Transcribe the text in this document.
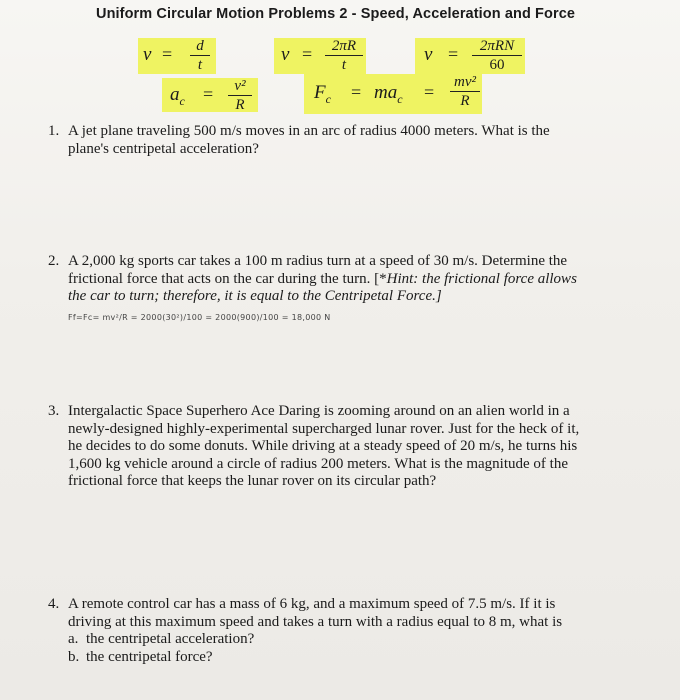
Uniform Circular Motion Problems 2 - Speed, Acceleration and Force
v =	d
t	v =	2πR
t	v =	2πRN
60
$a_c$ =	v²
R
$F_c = ma_c = mv^2$
R
1. A jet plane traveling 500 m/s moves in an arc of radius 4000 meters. What is the
plane's centripetal acceleration?
2. A 2,000 kg sports car takes a 100 m radius turn at a speed of 30 m/s. Determine the
frictional force that acts on the car during the turn. [*Hint: the frictional force allows
the car to turn; therefore, it is equal to the Centripetal Force.]
Ff=Fc= mv²/R = 2000(30²)/100 = 2000(900)/100 = 18,000 N
3. Intergalactic Space Superhero Ace Daring is zooming around on an alien world in a
newly-designed highly-experimental supercharged lunar rover. Just for the heck of it,
he decides to do some donuts. While driving at a steady speed of 20 m/s, he turns his
1,600 kg vehicle around a circle of radius 200 meters. What is the magnitude of the
frictional force that keeps the lunar rover on its circular path?
4. A remote control car has a mass of 6 kg, and a maximum speed of 7.5 m/s. If it is
driving at this maximum speed and takes a turn with a radius equal to 8 m, what is
a. the centripetal acceleration?
b. the centripetal force?
